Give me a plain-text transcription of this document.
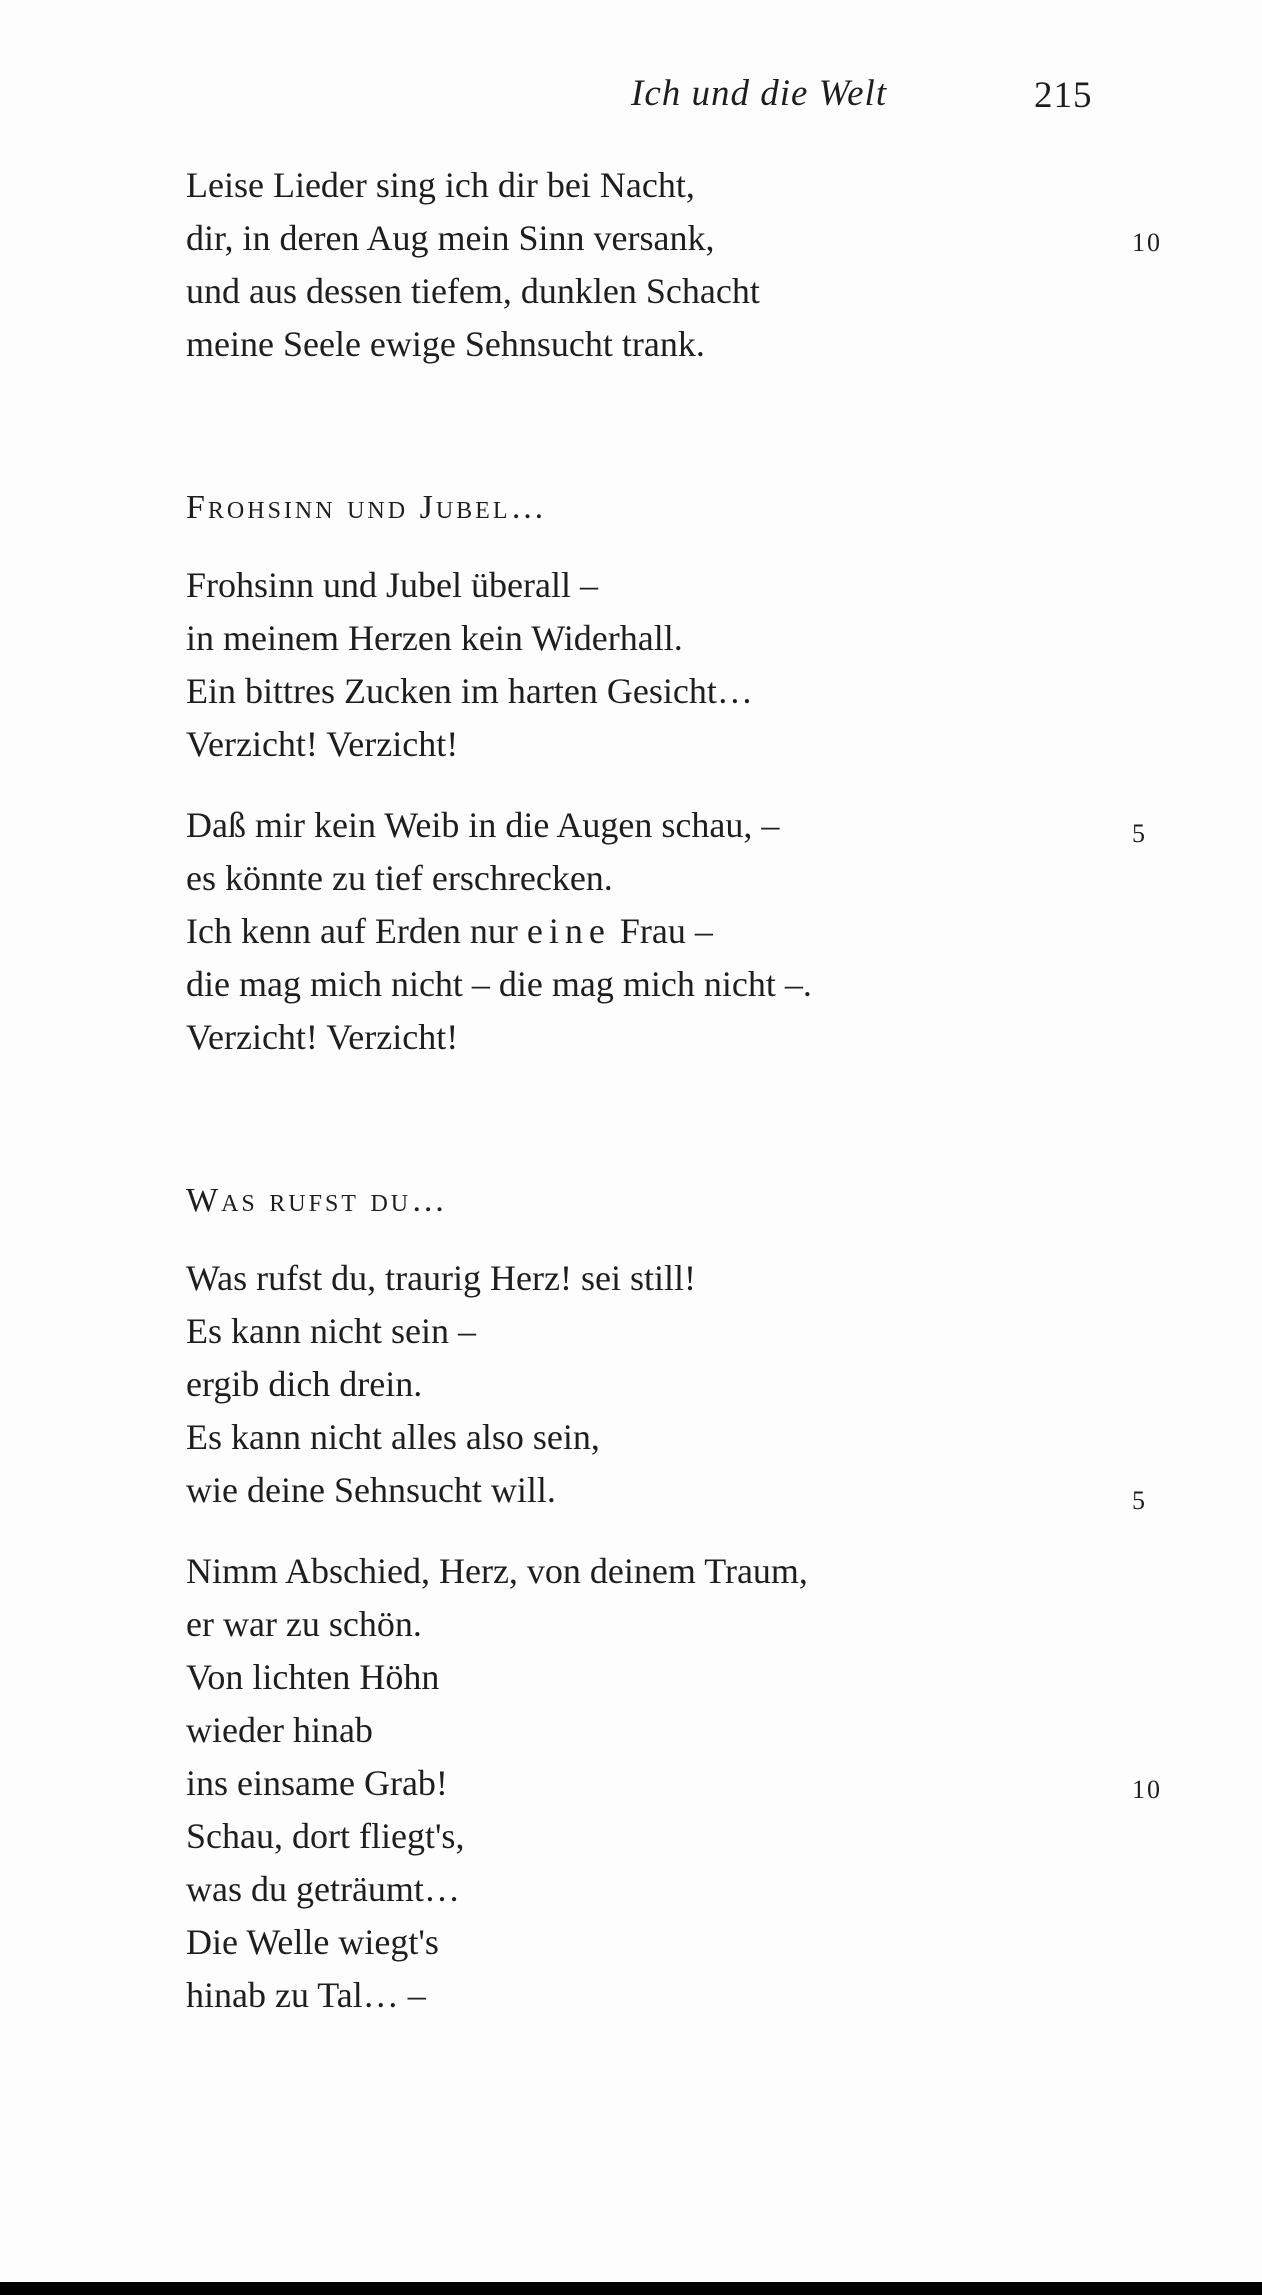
Ich und die Welt	215
Leise Lieder sing ich dir bei Nacht,
dir, in deren Aug mein Sinn versank,
und aus dessen tiefem, dunklen Schacht
meine Seele ewige Sehnsucht trank.
10
Frohsinn und Jubel…
Frohsinn und Jubel überall –
in meinem Herzen kein Widerhall.
Ein bittres Zucken im harten Gesicht…
Verzicht! Verzicht!
Daß mir kein Weib in die Augen schau, –
es könnte zu tief erschrecken.
Ich kenn auf Erden nur eine Frau –
die mag mich nicht – die mag mich nicht –.
Verzicht! Verzicht!
5
Was rufst du…
Was rufst du, traurig Herz! sei still!
Es kann nicht sein –
ergib dich drein.
Es kann nicht alles also sein,
wie deine Sehnsucht will.	5
Nimm Abschied, Herz, von deinem Traum,
er war zu schön.
Von lichten Höhn
wieder hinab
ins einsame Grab!
Schau, dort fliegt's,
was du geträumt…
Die Welle wiegt's
hinab zu Tal… –
10
